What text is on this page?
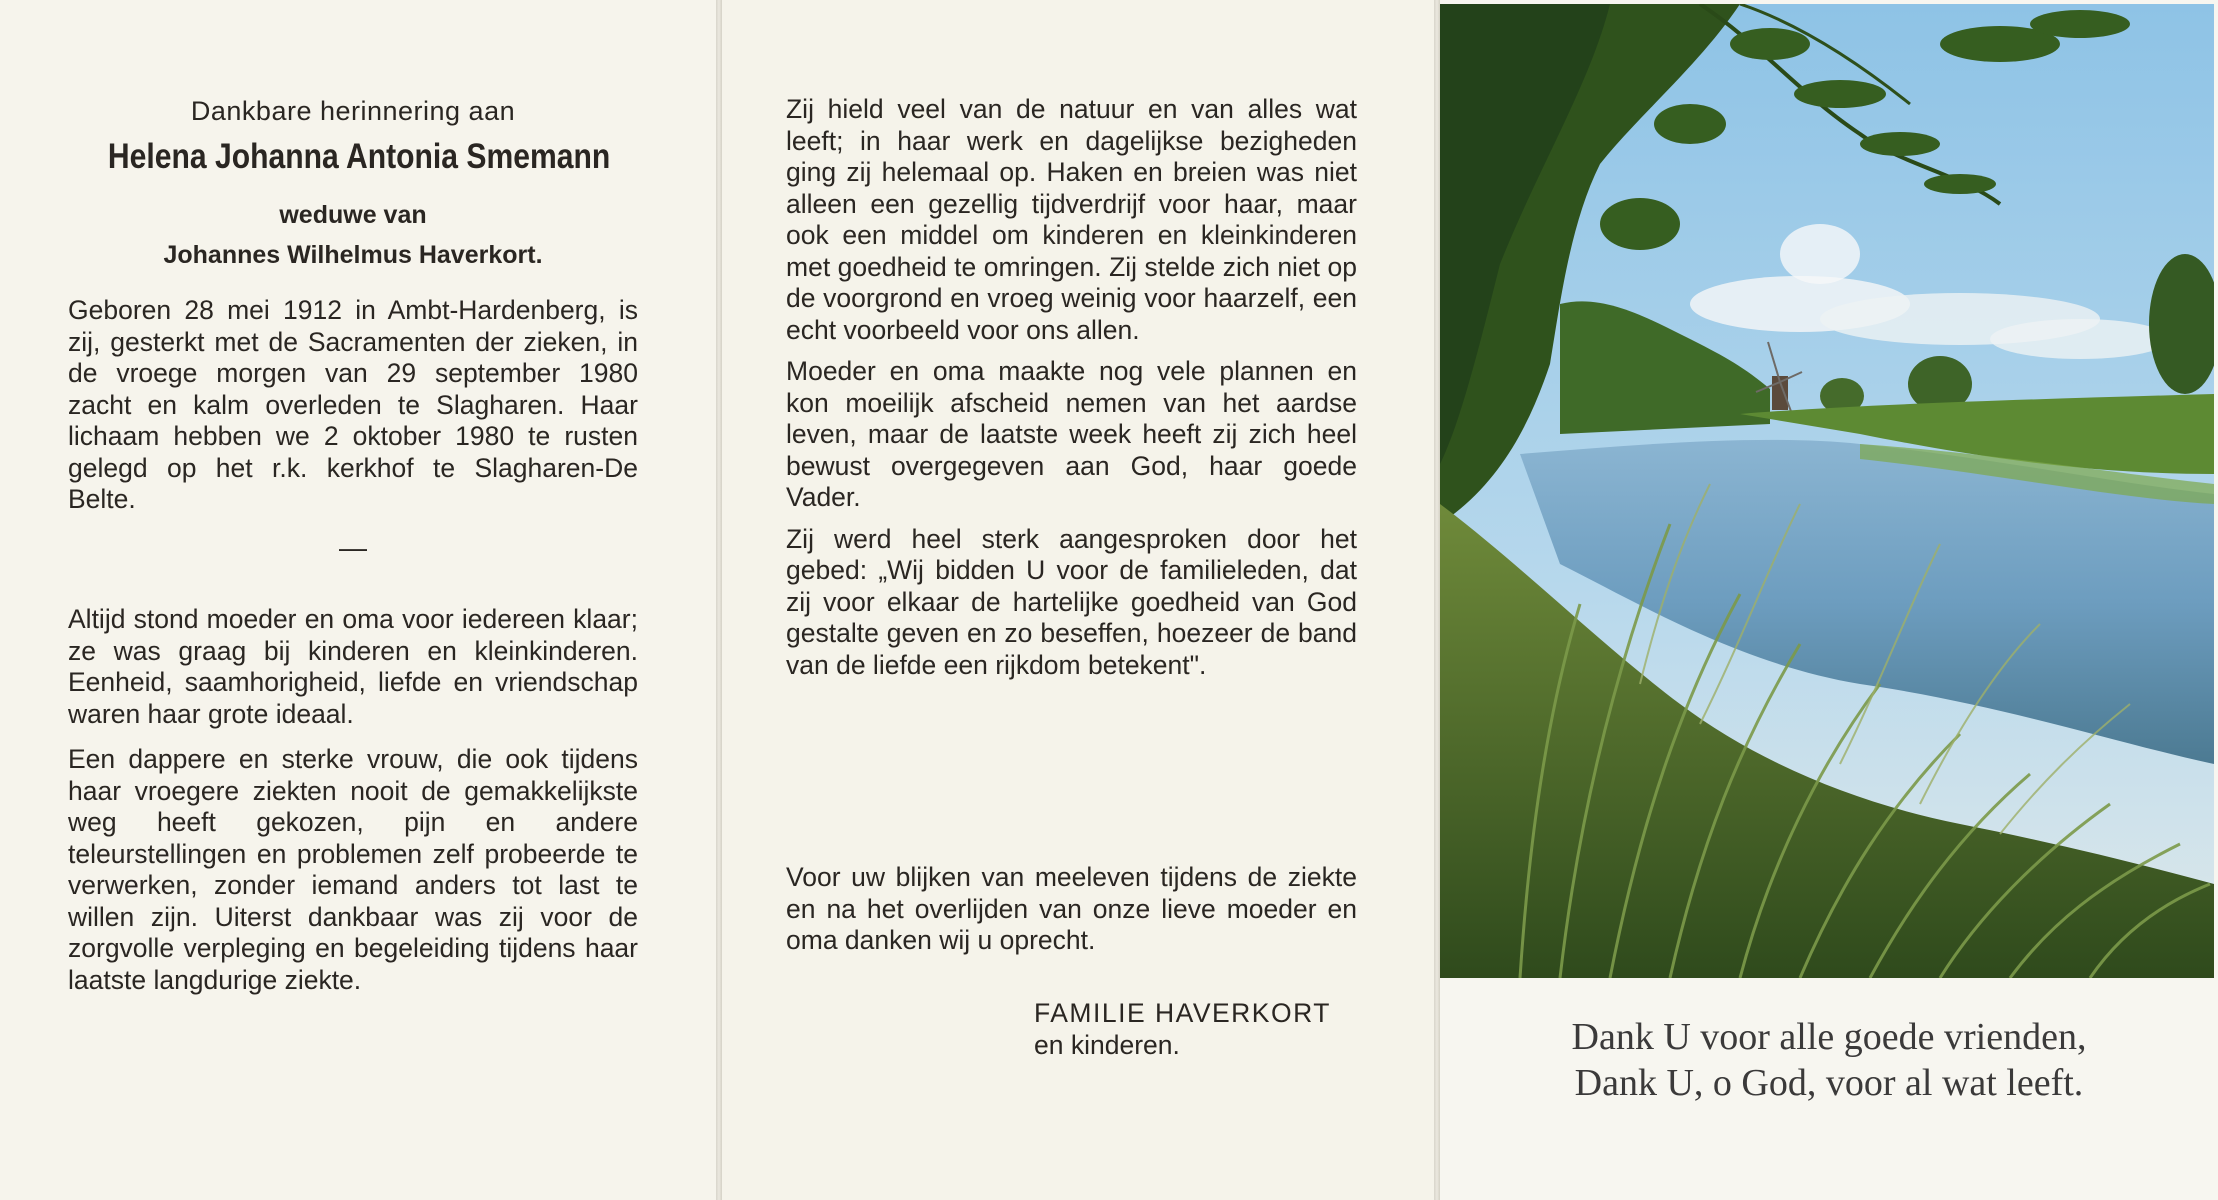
Dankbare herinnering aan
Helena Johanna Antonia Smemann
weduwe van
Johannes Wilhelmus Haverkort.

Geboren 28 mei 1912 in Ambt-Hardenberg, is zij, gesterkt met de Sacramenten der zieken, in de vroege morgen van 29 september 1980 zacht en kalm overleden te Slagharen. Haar lichaam hebben we 2 oktober 1980 te rusten gelegd op het r.k. kerkhof te Slagharen-De Belte.

—

Altijd stond moeder en oma voor iedereen klaar; ze was graag bij kinderen en kleinkinderen. Eenheid, saamhorigheid, liefde en vriendschap waren haar grote ideaal.

Een dappere en sterke vrouw, die ook tijdens haar vroegere ziekten nooit de gemakkelijkste weg heeft gekozen, pijn en andere teleurstellingen en problemen zelf probeerde te verwerken, zonder iemand anders tot last te willen zijn. Uiterst dankbaar was zij voor de zorgvolle verpleging en begeleiding tijdens haar laatste langdurige ziekte.

Zij hield veel van de natuur en van alles wat leeft; in haar werk en dagelijkse bezigheden ging zij helemaal op. Haken en breien was niet alleen een gezellig tijdverdrijf voor haar, maar ook een middel om kinderen en kleinkinderen met goedheid te omringen. Zij stelde zich niet op de voorgrond en vroeg weinig voor haarzelf, een echt voorbeeld voor ons allen.

Moeder en oma maakte nog vele plannen en kon moeilijk afscheid nemen van het aardse leven, maar de laatste week heeft zij zich heel bewust overgegeven aan God, haar goede Vader.

Zij werd heel sterk aangesproken door het gebed: „Wij bidden U voor de familieleden, dat zij voor elkaar de hartelijke goedheid van God gestalte geven en zo beseffen, hoezeer de band van de liefde een rijkdom betekent".

Voor uw blijken van meeleven tijdens de ziekte en na het overlijden van onze lieve moeder en oma danken wij u oprecht.

FAMILIE HAVERKORT
en kinderen.	Dank U voor alle goede vrienden,
Dank U, o God, voor al wat leeft.
